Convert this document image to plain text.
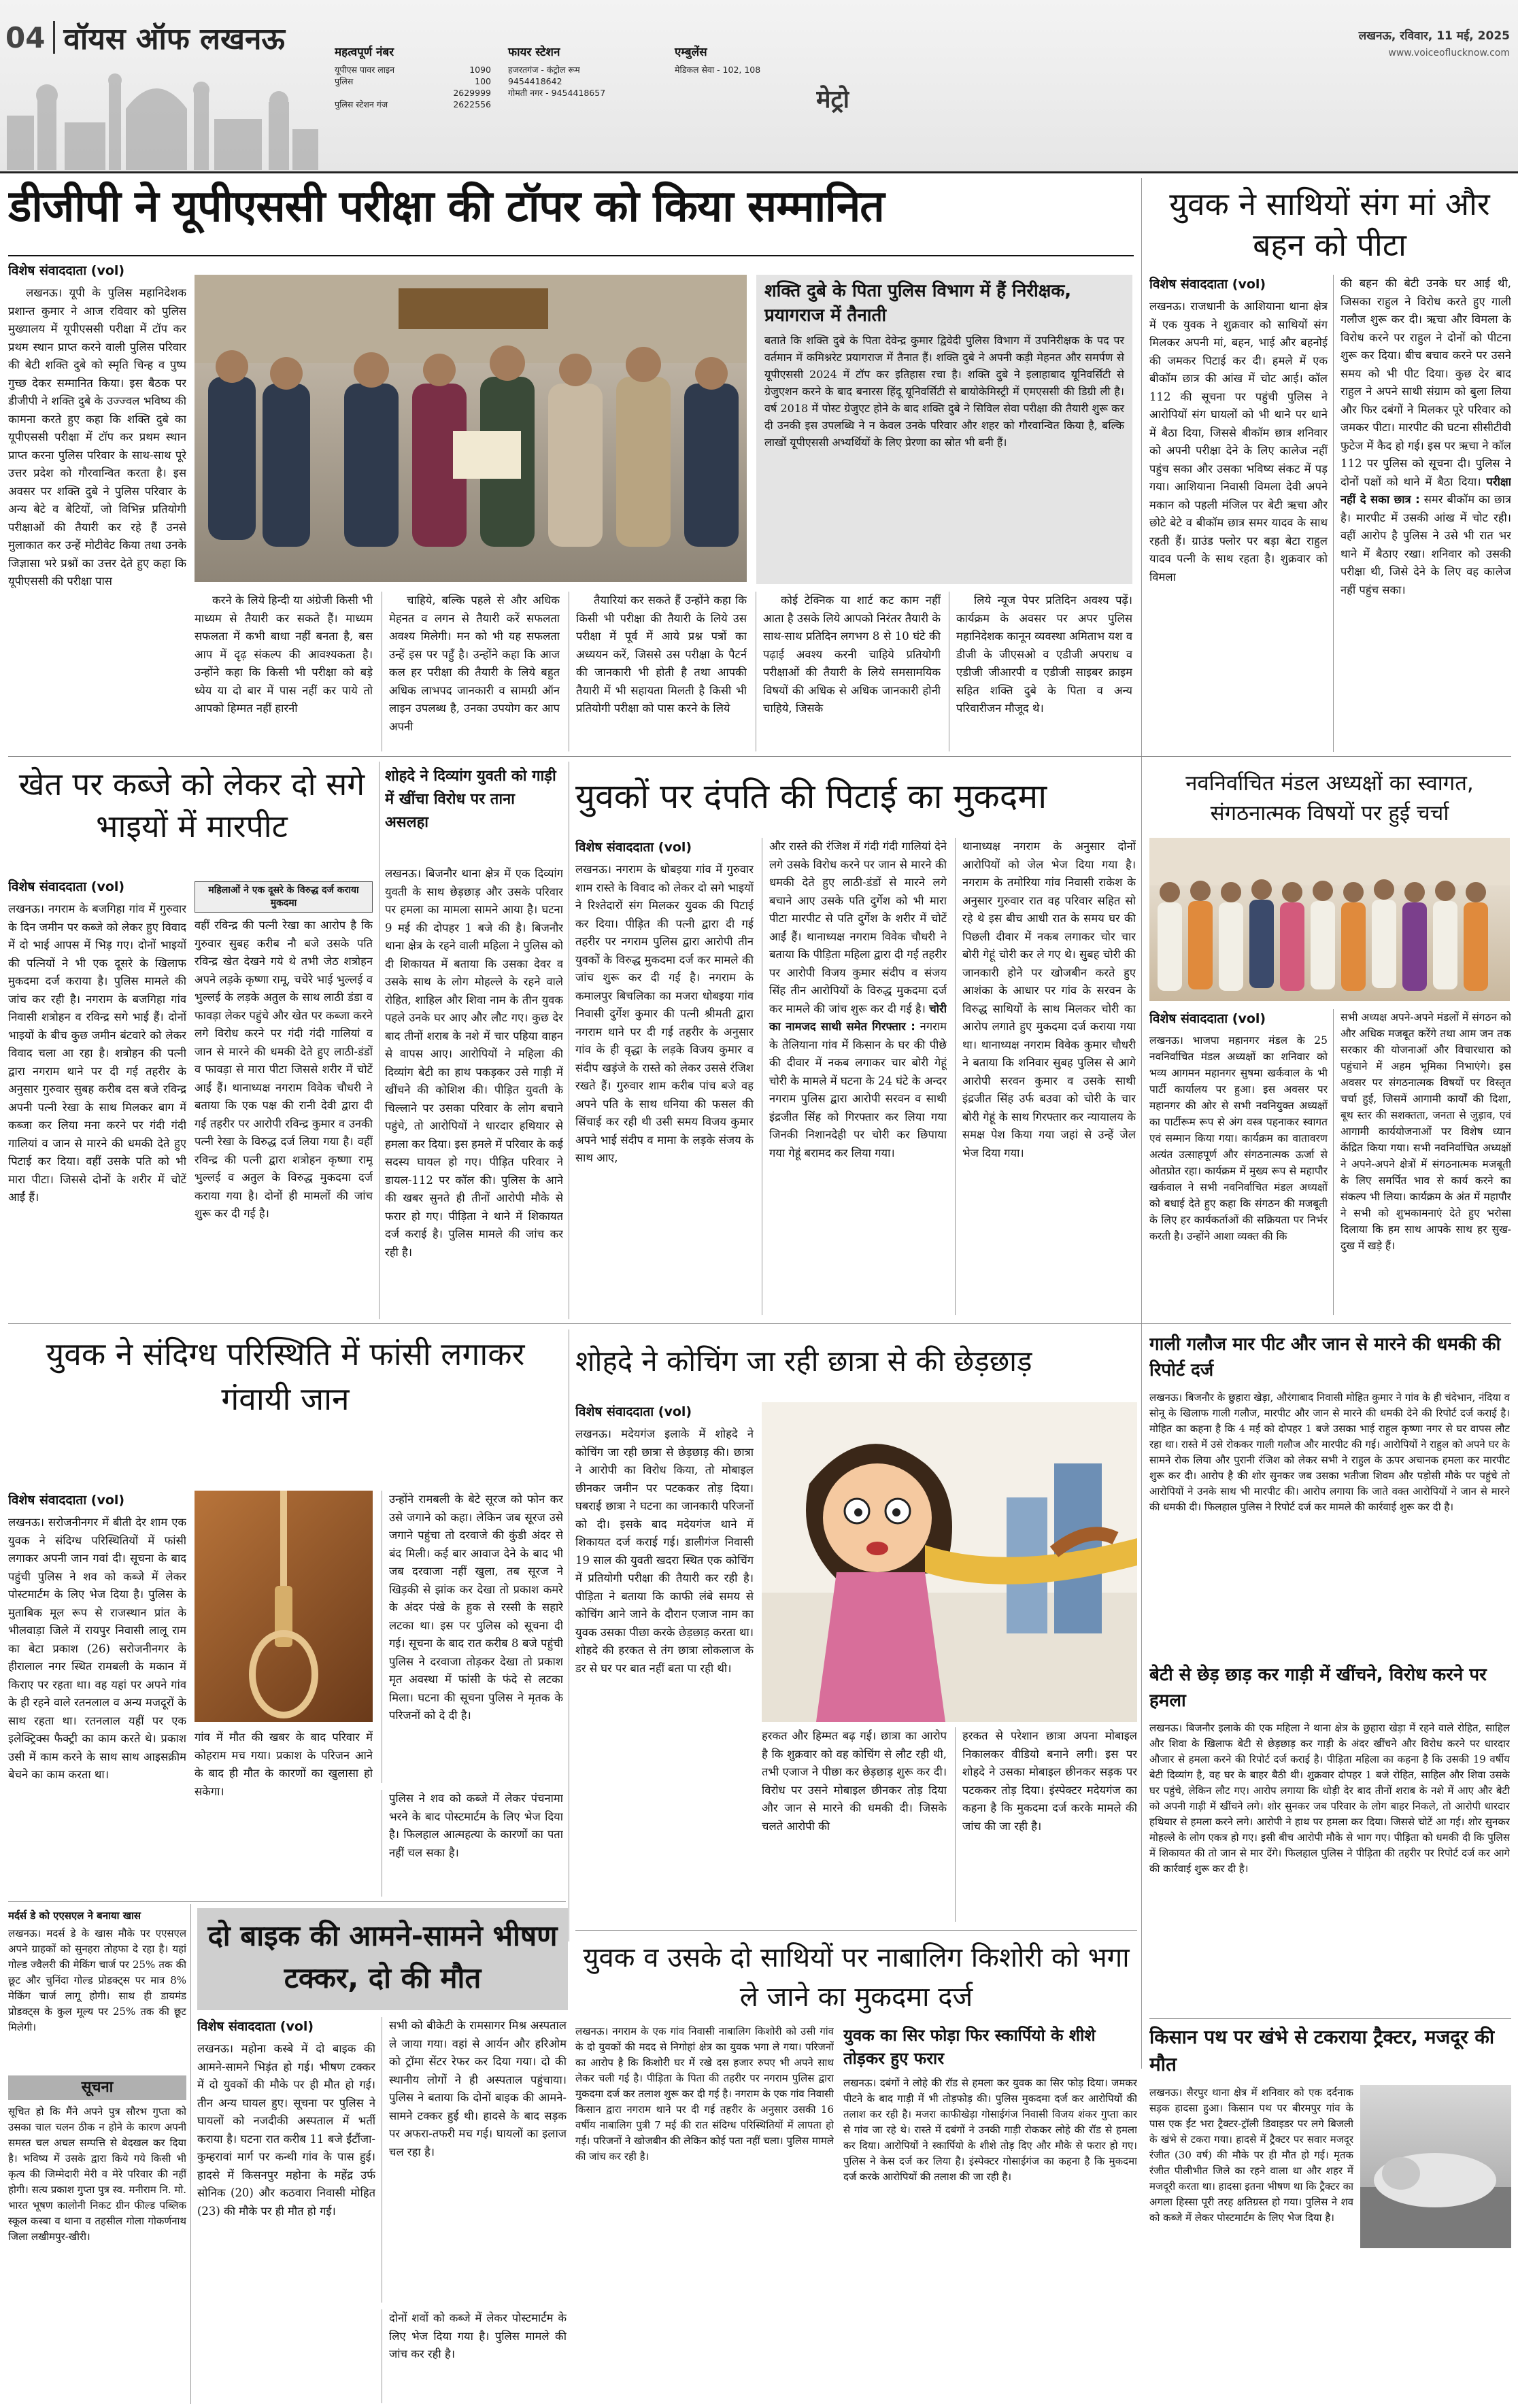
04 वॉयस ऑफ लखनऊ	महत्वपूर्ण नंबर
यूपीएस पावर लाइन	1090
पुलिस	100
2629999
पुलिस स्टेशन गंज	2622556
फायर स्टेशन
हजरतगंज - कंट्रोल रूम
9454418642
गोमती नगर - 9454418657
एम्बुलेंस
मेडिकल सेवा - 102, 108
मेट्रो
लखनऊ, रविवार, 11 मई, 2025
www.voiceoflucknow.com
डीजीपी ने यूपीएससी परीक्षा की टॉपर को किया सम्मानित
विशेष संवाददाता (vol)

लखनऊ। यूपी के पुलिस महानिदेशक प्रशान्त कुमार ने आज रविवार को पुलिस मुख्यालय में यूपीएससी परीक्षा में टॉप कर प्रथम स्थान प्राप्त करने वाली पुलिस परिवार की बेटी शक्ति दुबे को स्मृति चिन्ह व पुष्प गुच्छ देकर सम्मानित किया। इस बैठक पर डीजीपी ने शक्ति दुबे के उज्ज्वल भविष्य की कामना करते हुए कहा कि शक्ति दुबे का यूपीएससी परीक्षा में टॉप कर प्रथम स्थान प्राप्त करना पुलिस परिवार के साथ-साथ पूरे उत्तर प्रदेश को गौरवान्वित करता है। इस अवसर पर शक्ति दुबे ने पुलिस परिवार के अन्य बेटे व बेटियों, जो विभिन्न प्रतियोगी परीक्षाओं की तैयारी कर रहे हैं उनसे मुलाकात कर उन्हें मोटीवेट किया तथा उनके जिज्ञासा भरे प्रश्नों का उत्तर देते हुए कहा कि यूपीएससी की परीक्षा पास

शक्ति दुबे के पिता पुलिस विभाग में हैं निरीक्षक, प्रयागराज में तैनाती
बताते कि शक्ति दुबे के पिता देवेन्द्र कुमार द्विवेदी पुलिस विभाग में उपनिरीक्षक के पद पर वर्तमान में कमिश्नरेट प्रयागराज में तैनात हैं। शक्ति दुबे ने अपनी कड़ी मेहनत और समर्पण से यूपीएससी 2024 में टॉप कर इतिहास रचा है। शक्ति दुबे ने इलाहाबाद यूनिवर्सिटी से ग्रेजुएशन करने के बाद बनारस हिंदू यूनिवर्सिटी से बायोकेमिस्ट्री में एमएससी की डिग्री ली है। वर्ष 2018 में पोस्ट ग्रेजुएट होने के बाद शक्ति दुबे ने सिविल सेवा परीक्षा की तैयारी शुरू कर दी उनकी इस उपलब्धि ने न केवल उनके परिवार और शहर को गौरवान्वित किया है, बल्कि लाखों यूपीएससी अभ्यर्थियों के लिए प्रेरणा का स्रोत भी बनी हैं।

करने के लिये हिन्दी या अंग्रेजी किसी भी माध्यम से तैयारी कर सकते हैं। माध्यम सफलता में कभी बाधा नहीं बनता है, बस आप में दृढ़ संकल्प की आवश्यकता है। उन्होंने कहा कि किसी भी परीक्षा को बड़े ध्येय या दो बार में पास नहीं कर पाये तो आपको हिम्मत नहीं हारनी

चाहिये, बल्कि पहले से और अधिक मेहनत व लगन से तैयारी करें सफलता अवश्य मिलेगी। मन को भी यह सफलता उन्हें इस पर पहुँ है। उन्होंने कहा कि आज कल हर परीक्षा की तैयारी के लिये बहुत अधिक लाभपद जानकारी व सामग्री ऑन लाइन उपलब्ध है, उनका उपयोग कर आप अपनी

तैयारियां कर सकते हैं उन्होंने कहा कि किसी भी परीक्षा की तैयारी के लिये उस परीक्षा में पूर्व में आये प्रश्न पत्रों का अध्ययन करें, जिससे उस परीक्षा के पैटर्न की जानकारी भी होती है तथा आपकी तैयारी में भी सहायता मिलती है किसी भी प्रतियोगी परीक्षा को पास करने के लिये

कोई टेक्निक या शार्ट कट काम नहीं आता है उसके लिये आपको निरंतर तैयारी के साथ-साथ प्रतिदिन लगभग 8 से 10 घंटे की पढ़ाई अवश्य करनी चाहिये प्रतियोगी परीक्षाओं की तैयारी के लिये समसामयिक विषयों की अधिक से अधिक जानकारी होनी चाहिये, जिसके

लिये न्यूज पेपर प्रतिदिन अवश्य पढ़ें। कार्यक्रम के अवसर पर अपर पुलिस महानिदेशक कानून व्यवस्था अमिताभ यश व डीजी के जीएसओ व एडीजी अपराध व एडीजी जीआरपी व एडीजी साइबर क्राइम सहित शक्ति दुबे के पिता व अन्य परिवारीजन मौजूद थे।

युवक ने साथियों संग मां और बहन को पीटा
विशेष संवाददाता (vol)
लखनऊ। राजधानी के आशियाना थाना क्षेत्र में एक युवक ने शुक्रवार को साथियों संग मिलकर अपनी मां, बहन, भाई और बहनोई की जमकर पिटाई कर दी। हमले में एक बीकॉम छात्र की आंख में चोट आई। कॉल 112 की सूचना पर पहुंची पुलिस ने आरोपियों संग घायलों को भी थाने पर थाने में बैठा दिया, जिससे बीकॉम छात्र शनिवार को अपनी परीक्षा देने के लिए कालेज नहीं पहुंच सका और उसका भविष्य संकट में पड़ गया। आशियाना निवासी विमला देवी अपने मकान को पहली मंजिल पर बेटी ऋचा और छोटे बेटे व बीकॉम छात्र समर यादव के साथ रहती हैं। ग्राउंड फ्लोर पर बड़ा बेटा राहुल यादव पत्नी के साथ रहता है। शुक्रवार को विमला
की बहन की बेटी उनके घर आई थी, जिसका राहुल ने विरोध करते हुए गाली गलौज शुरू कर दी। ऋचा और विमला के विरोध करने पर राहुल ने दोनों को पीटना शुरू कर दिया। बीच बचाव करने पर उसने समय को भी पीट दिया। कुछ देर बाद राहुल ने अपने साथी संग्राम को बुला लिया और फिर दबंगों ने मिलकर पूरे परिवार को जमकर पीटा। मारपीट की घटना सीसीटीवी फुटेज में कैद हो गई। इस पर ऋचा ने कॉल 112 पर पुलिस को सूचना दी। पुलिस ने दोनों पक्षों को थाने में बैठा दिया। परीक्षा नहीं दे सका छात्र : समर बीकॉम का छात्र है। मारपीट में उसकी आंख में चोट रही। वहीं आरोप है पुलिस ने उसे भी रात भर थाने में बैठाए रखा। शनिवार को उसकी परीक्षा थी, जिसे देने के लिए वह कालेज नहीं पहुंच सका।
खेत पर कब्जे को लेकर दो सगे भाइयों में मारपीट
विशेष संवाददाता (vol)
लखनऊ। नगराम के बजगिहा गांव में गुरुवार के दिन जमीन पर कब्जे को लेकर हुए विवाद में दो भाई आपस में भिड़ गए। दोनों भाइयों की पत्नियों ने भी एक दूसरे के खिलाफ मुकदमा दर्ज कराया है। पुलिस मामले की जांच कर रही है। नगराम के बजगिहा गांव निवासी शत्रोहन व रविन्द्र सगे भाई हैं। दोनों भाइयों के बीच कुछ जमीन बंटवारे को लेकर विवाद चला आ रहा है। शत्रोहन की पत्नी द्वारा नगराम थाने पर दी गई तहरीर के अनुसार गुरुवार सुबह करीब दस बजे रविन्द्र अपनी पत्नी रेखा के साथ मिलकर बाग में कब्जा कर लिया मना करने पर गंदी गंदी गालियां व जान से मारने की धमकी देते हुए पिटाई कर दिया। वहीं उसके पति को भी मारा पीटा। जिससे दोनों के शरीर में चोटें आईं हैं।
महिलाओं ने एक दूसरे के विरुद्ध दर्ज कराया मुकदमा
वहीं रविन्द्र की पत्नी रेखा का आरोप है कि गुरुवार सुबह करीब नौ बजे उसके पति रविन्द्र खेत देखने गये थे तभी जेठ शत्रोहन अपने लड़के कृष्णा रामू, चचेरे भाई भुल्लई व भुल्लई के लड़के अतुल के साथ लाठी डंडा व फावड़ा लेकर पहुंचे और खेत पर कब्जा करने लगे विरोध करने पर गंदी गंदी गालियां व जान से मारने की धमकी देते हुए लाठी-डंडों व फावड़ा से मारा पीटा जिससे शरीर में चोटें आईं हैं। थानाध्यक्ष नगराम विवेक चौधरी ने बताया कि एक पक्ष की रानी देवी द्वारा दी गई तहरीर पर आरोपी रविन्द्र कुमार व उनकी पत्नी रेखा के विरुद्ध दर्ज लिया गया है। वहीं रविन्द्र की पत्नी द्वारा शत्रोहन कृष्णा रामू भुल्लई व अतुल के विरुद्ध मुकदमा दर्ज कराया गया है। दोनों ही मामलों की जांच शुरू कर दी गई है।
शोहदे ने दिव्यांग युवती को गाड़ी में खींचा विरोध पर ताना असलहा
लखनऊ। बिजनौर थाना क्षेत्र में एक दिव्यांग युवती के साथ छेड़छाड़ और उसके परिवार पर हमला का मामला सामने आया है। घटना 9 मई की दोपहर 1 बजे की है। बिजनौर थाना क्षेत्र के रहने वाली महिला ने पुलिस को दी शिकायत में बताया कि उसका देवर व उसके साथ के लोग मोहल्ले के रहने वाले रोहित, शाहिल और शिवा नाम के तीन युवक पहले उनके घर आए और लौट गए। कुछ देर बाद तीनों शराब के नशे में चार पहिया वाहन से वापस आए। आरोपियों ने महिला की दिव्यांग बेटी का हाथ पकड़कर उसे गाड़ी में खींचने की कोशिश की। पीड़ित युवती के चिल्लाने पर उसका परिवार के लोग बचाने पहुंचे, तो आरोपियों ने धारदार हथियार से हमला कर दिया। इस हमले में परिवार के कई सदस्य घायल हो गए। पीड़ित परिवार ने डायल-112 पर कॉल की। पुलिस के आने की खबर सुनते ही तीनों आरोपी मौके से फरार हो गए। पीड़िता ने थाने में शिकायत दर्ज कराई है। पुलिस मामले की जांच कर रही है।
युवकों पर दंपति की पिटाई का मुकदमा
विशेष संवाददाता (vol)
लखनऊ। नगराम के धोबइया गांव में गुरुवार शाम रास्ते के विवाद को लेकर दो सगे भाइयों ने रिश्तेदारों संग मिलकर युवक की पिटाई कर दिया। पीड़ित की पत्नी द्वारा दी गई तहरीर पर नगराम पुलिस द्वारा आरोपी तीन युवकों के विरुद्ध मुकदमा दर्ज कर मामले की जांच शुरू कर दी गई है। नगराम के कमालपुर बिचलिका का मजरा धोबइया गांव निवासी दुर्गेश कुमार की पत्नी श्रीमती द्वारा नगराम थाने पर दी गई तहरीर के अनुसार गांव के ही वृद्धा के लड़के विजय कुमार व संदीप खड़ंजे के रास्ते को लेकर उससे रंजिश रखते हैं। गुरुवार शाम करीब पांच बजे वह अपने पति के साथ धनिया की फसल की सिंचाई कर रही थी उसी समय विजय कुमार अपने भाई संदीप व मामा के लड़के संजय के साथ आए,
और रास्ते की रंजिश में गंदी गंदी गालियां देने लगे उसके विरोध करने पर जान से मारने की धमकी देते हुए लाठी-डंडों से मारने लगे बचाने आए उसके पति दुर्गेश को भी मारा पीटा मारपीट से पति दुर्गेश के शरीर में चोटें आईं हैं। थानाध्यक्ष नगराम विवेक चौधरी ने बताया कि पीड़िता महिला द्वारा दी गई तहरीर पर आरोपी विजय कुमार संदीप व संजय सिंह तीन आरोपियों के विरुद्ध मुकदमा दर्ज कर मामले की जांच शुरू कर दी गई है। चोरी का नामजद साथी समेत गिरफ्तार : नगराम के तेलियाना गांव में किसान के घर की पीछे की दीवार में नकब लगाकर चार बोरी गेहूं चोरी के मामले में घटना के 24 घंटे के अन्दर नगराम पुलिस द्वारा आरोपी सरवन व साथी इंद्रजीत सिंह को गिरफ्तार कर लिया गया जिनकी निशानदेही पर चोरी कर छिपाया गया गेहूं बरामद कर लिया गया।
थानाध्यक्ष नगराम के अनुसार दोनों आरोपियों को जेल भेज दिया गया है। नगराम के तमोरिया गांव निवासी राकेश के अनुसार गुरुवार रात वह परिवार सहित सो रहे थे इस बीच आधी रात के समय घर की पिछली दीवार में नकब लगाकर चोर चार बोरी गेहूं चोरी कर ले गए थे। सुबह चोरी की जानकारी होने पर खोजबीन करते हुए आशंका के आधार पर गांव के सरवन के विरुद्ध साथियों के साथ मिलकर चोरी का आरोप लगाते हुए मुकदमा दर्ज कराया गया था। थानाध्यक्ष नगराम विवेक कुमार चौधरी ने बताया कि शनिवार सुबह पुलिस से आगे आरोपी सरवन कुमार व उसके साथी इंद्रजीत सिंह उर्फ बउवा को चोरी के चार बोरी गेहूं के साथ गिरफ्तार कर न्यायालय के समक्ष पेश किया गया जहां से उन्हें जेल भेज दिया गया।
नवनिर्वाचित मंडल अध्यक्षों का स्वागत, संगठनात्मक विषयों पर हुई चर्चा
विशेष संवाददाता (vol)
लखनऊ। भाजपा महानगर मंडल के 25 नवनिर्वाचित मंडल अध्यक्षों का शनिवार को भव्य आगमन महानगर सुषमा खर्कवाल के भी पार्टी कार्यालय पर हुआ। इस अवसर पर महानगर की ओर से सभी नवनियुक्त अध्यक्षों का पार्टीरूम रूप से अंग वस्त्र पहनाकर स्वागत एवं सम्मान किया गया। कार्यक्रम का वातावरण अत्यंत उत्साहपूर्ण और संगठनात्मक ऊर्जा से ओतप्रोत रहा। कार्यक्रम में मुख्य रूप से महापौर खर्कवाल ने सभी नवनिर्वाचित मंडल अध्यक्षों को बधाई देते हुए कहा कि संगठन की मजबूती के लिए हर कार्यकर्ताओं की सक्रियता पर निर्भर करती है। उन्होंने आशा व्यक्त की कि
सभी अध्यक्ष अपने-अपने मंडलों में संगठन को और अधिक मजबूत करेंगे तथा आम जन तक सरकार की योजनाओं और विचारधारा को पहुंचाने में अहम भूमिका निभाएंगे। इस अवसर पर संगठनात्मक विषयों पर विस्तृत चर्चा हुई, जिसमें आगामी कार्यों की दिशा, बूथ स्तर की सशक्तता, जनता से जुड़ाव, एवं आगामी कार्ययोजनाओं पर विशेष ध्यान केंद्रित किया गया। सभी नवनिर्वाचित अध्यक्षों ने अपने-अपने क्षेत्रों में संगठनात्मक मजबूती के लिए समर्पित भाव से कार्य करने का संकल्प भी लिया। कार्यक्रम के अंत में महापौर ने सभी को शुभकामनाएं देते हुए भरोसा दिलाया कि हम साथ आपके साथ हर सुख-दुख में खड़े हैं।
युवक ने संदिग्ध परिस्थिति में फांसी लगाकर गंवायी जान
विशेष संवाददाता (vol)
लखनऊ। सरोजनीनगर में बीती देर शाम एक युवक ने संदिग्ध परिस्थितियों में फांसी लगाकर अपनी जान गवां दी। सूचना के बाद पहुंची पुलिस ने शव को कब्जे में लेकर पोस्टमार्टम के लिए भेज दिया है। पुलिस के मुताबिक मूल रूप से राजस्थान प्रांत के भीलवाड़ा जिले में रायपुर निवासी लालू राम का बेटा प्रकाश (26) सरोजनीनगर के हीरालाल नगर स्थित रामबली के मकान में किराए पर रहता था। वह यहां पर अपने गांव के ही रहने वाले रतनलाल व अन्य मजदूरों के साथ रहता था। रतनलाल यहीं पर एक इलेक्ट्रिक्स फैक्ट्री का काम करते थे। प्रकाश उसी में काम करने के साथ साथ आइसक्रीम बेचने का काम करता था।
गांव में मौत की खबर के बाद परिवार में कोहराम मच गया। प्रकाश के परिजन आने के बाद ही मौत के कारणों का खुलासा हो सकेगा।
उन्होंने रामबली के बेटे सूरज को फोन कर उसे जगाने को कहा। लेकिन जब सूरज उसे जगाने पहुंचा तो दरवाजे की कुंडी अंदर से बंद मिली। कई बार आवाज देने के बाद भी जब दरवाजा नहीं खुला, तब सूरज ने खिड़की से झांक कर देखा तो प्रकाश कमरे के अंदर पंखे के हुक से रस्सी के सहारे लटका था। इस पर पुलिस को सूचना दी गई। सूचना के बाद रात करीब 8 बजे पहुंची पुलिस ने दरवाजा तोड़कर देखा तो प्रकाश मृत अवस्था में फांसी के फंदे से लटका मिला। घटना की सूचना पुलिस ने मृतक के परिजनों को दे दी है।
पुलिस ने शव को कब्जे में लेकर पंचनामा भरने के बाद पोस्टमार्टम के लिए भेज दिया है। फिलहाल आत्महत्या के कारणों का पता नहीं चल सका है।
शोहदे ने कोचिंग जा रही छात्रा से की छेड़छाड़
विशेष संवाददाता (vol)
लखनऊ। मदेयगंज इलाके में शोहदे ने कोचिंग जा रही छात्रा से छेड़छाड़ की। छात्रा ने आरोपी का विरोध किया, तो मोबाइल छीनकर जमीन पर पटककर तोड़ दिया। घबराई छात्रा ने घटना का जानकारी परिजनों को दी। इसके बाद मदेयगंज थाने में शिकायत दर्ज कराई गई। डालीगंज निवासी 19 साल की युवती खदरा स्थित एक कोचिंग में प्रतियोगी परीक्षा की तैयारी कर रही है। पीड़िता ने बताया कि काफी लंबे समय से कोचिंग आने जाने के दौरान एजाज नाम का युवक उसका पीछा करके छेड़छाड़ करता था। शोहदे की हरकत से तंग छात्रा लोकलाज के डर से घर पर बात नहीं बता पा रही थी।
हरकत और हिम्मत बढ़ गई। छात्रा का आरोप है कि शुक्रवार को वह कोचिंग से लौट रही थी, तभी एजाज ने पीछा कर छेड़छाड़ शुरू कर दी। विरोध पर उसने मोबाइल छीनकर तोड़ दिया और जान से मारने की धमकी दी। जिसके चलते आरोपी की
हरकत से परेशान छात्रा अपना मोबाइल निकालकर वीडियो बनाने लगी। इस पर शोहदे ने उसका मोबाइल छीनकर सड़क पर पटककर तोड़ दिया। इंस्पेक्टर मदेयगंज का कहना है कि मुकदमा दर्ज करके मामले की जांच की जा रही है।
गाली गलौज मार पीट और जान से मारने की धमकी की रिपोर्ट दर्ज
लखनऊ। बिजनौर के छुहारा खेड़ा, औरंगाबाद निवासी मोहित कुमार ने गांव के ही चंदेभान, नंदिया व सोनू के खिलाफ गाली गलौज, मारपीट और जान से मारने की धमकी देने की रिपोर्ट दर्ज कराई है। मोहित का कहना है कि 4 मई को दोपहर 1 बजे उसका भाई राहुल कृष्णा नगर से घर वापस लौट रहा था। रास्ते में उसे रोककर गाली गलौज और मारपीट की गई। आरोपियों ने राहुल को अपने घर के सामने रोक लिया और पुरानी रंजिश को लेकर सभी ने राहुल के ऊपर अचानक हमला कर मारपीट शुरू कर दी। आरोप है की शोर सुनकर जब उसका भतीजा शिवम और पड़ोसी मौके पर पहुंचे तो आरोपियों ने उनके साथ भी मारपीट की। आरोप लगाया कि जाते वक्त आरोपियों ने जान से मारने की धमकी दी। फिलहाल पुलिस ने रिपोर्ट दर्ज कर मामले की कार्रवाई शुरू कर दी है।
बेटी से छेड़ छाड़ कर गाड़ी में खींचने, विरोध करने पर हमला
लखनऊ। बिजनौर इलाके की एक महिला ने थाना क्षेत्र के छुहारा खेड़ा में रहने वाले रोहित, साहिल और शिवा के खिलाफ बेटी से छेड़छाड़ कर गाड़ी के अंदर खींचने और विरोध करने पर धारदार औजार से हमला करने की रिपोर्ट दर्ज कराई है। पीड़िता महिला का कहना है कि उसकी 19 वर्षीय बेटी दिव्यांग है, वह घर के बाहर बैठी थी। शुक्रवार दोपहर 1 बजे रोहित, साहिल और शिवा उसके घर पहुंचे, लेकिन लौट गए। आरोप लगाया कि थोड़ी देर बाद तीनों शराब के नशे में आए और बेटी को अपनी गाड़ी में खींचने लगे। शोर सुनकर जब परिवार के लोग बाहर निकले, तो आरोपी धारदार हथियार से हमला करने लगे। आरोपी ने हाथ पर हमला कर दिया। जिससे चोटें आ गई। शोर सुनकर मोहल्ले के लोग एकत्र हो गए। इसी बीच आरोपी मौके से भाग गए। पीड़िता को धमकी दी कि पुलिस में शिकायत की तो जान से मार देंगे। फिलहाल पुलिस ने पीड़िता की तहरीर पर रिपोर्ट दर्ज कर आगे की कार्रवाई शुरू कर दी है।
मर्दर्स डे को एएसएल ने बनाया खास
लखनऊ। मदर्स डे के खास मौके पर एएसएल अपने ग्राहकों को सुनहरा तोहफा दे रहा है। यहां गोल्ड ज्वैलरी की मेकिंग चार्ज पर 25% तक की छूट और चुनिंदा गोल्ड प्रोडक्ट्स पर मात्र 8% मेकिंग चार्ज लागू होगी। साथ ही डायमंड प्रोडक्ट्स के कुल मूल्य पर 25% तक की छूट मिलेगी।
सूचना
सूचित हो कि मैंने अपने पुत्र सौरभ गुप्ता को उसका चाल चलन ठीक न होने के कारण अपनी समस्त चल अचल सम्पत्ति से बेदखल कर दिया है। भविष्य में उसके द्वारा किये गये किसी भी कृत्य की जिम्मेदारी मेरी व मेरे परिवार की नहीं होगी। सत्य प्रकाश गुप्ता पुत्र स्व. मनीराम नि. मो. भारत भूषण कालोनी निकट ग्रीन फील्ड पब्लिक स्कूल कस्बा व थाना व तहसील गोला गोकर्णनाथ जिला लखीमपुर-खीरी।
दो बाइक की आमने-सामने भीषण टक्कर, दो की मौत
विशेष संवाददाता (vol)
लखनऊ। महोना कस्बे में दो बाइक की आमने-सामने भिड़ंत हो गई। भीषण टक्कर में दो युवकों की मौके पर ही मौत हो गई। तीन अन्य घायल हुए। सूचना पर पुलिस ने घायलों को नजदीकी अस्पताल में भर्ती कराया है। घटना रात करीब 11 बजे ईंटौंजा-कुम्हरावां मार्ग पर कन्थी गांव के पास हुई। हादसे में किसनपुर महोना के महेंद्र उर्फ सोनिक (20) और कठवारा निवासी मोहित (23) की मौके पर ही मौत हो गई।
सभी को बीकेटी के रामसागर मिश्र अस्पताल ले जाया गया। वहां से आर्यन और हरिओम को ट्रॉमा सेंटर रेफर कर दिया गया। दो की स्थानीय लोगों ने ही अस्पताल पहुंचाया। पुलिस ने बताया कि दोनों बाइक की आमने-सामने टक्कर हुई थी। हादसे के बाद सड़क पर अफरा-तफरी मच गई। घायलों का इलाज चल रहा है।
दोनों शवों को कब्जे में लेकर पोस्टमार्टम के लिए भेज दिया गया है। पुलिस मामले की जांच कर रही है।
युवक व उसके दो साथियों पर नाबालिग किशोरी को भगा ले जाने का मुकदमा दर्ज
लखनऊ। नगराम के एक गांव निवासी नाबालिग किशोरी को उसी गांव के दो युवकों की मदद से निगोहां क्षेत्र का युवक भगा ले गया। परिजनों का आरोप है कि किशोरी घर में रखे दस हजार रुपए भी अपने साथ लेकर चली गई है। पीड़िता के पिता की तहरीर पर नगराम पुलिस द्वारा मुकदमा दर्ज कर तलाश शुरू कर दी गई है। नगराम के एक गांव निवासी किसान द्वारा नगराम थाने पर दी गई तहरीर के अनुसार उसकी 16 वर्षीय नाबालिग पुत्री 7 मई की रात संदिग्ध परिस्थितियों में लापता हो गई। परिजनों ने खोजबीन की लेकिन कोई पता नहीं चला। पुलिस मामले की जांच कर रही है।
युवक का सिर फोड़ा फिर स्कार्पियो के शीशे तोड़कर हुए फरार
लखनऊ। दबंगों ने लोहे की रॉड से हमला कर युवक का सिर फोड़ दिया। जमकर पीटने के बाद गाड़ी में भी तोड़फोड़ की। पुलिस मुकदमा दर्ज कर आरोपियों की तलाश कर रही है। मजरा काफीखेड़ा गोसाईगंज निवासी विजय शंकर गुप्ता कार से गांव जा रहे थे। रास्ते में दबंगों ने उनकी गाड़ी रोककर लोहे की रॉड से हमला कर दिया। आरोपियों ने स्कार्पियो के शीशे तोड़ दिए और मौके से फरार हो गए। पुलिस ने केस दर्ज कर लिया है। इंस्पेक्टर गोसाईगंज का कहना है कि मुकदमा दर्ज करके आरोपियों की तलाश की जा रही है।
किसान पथ पर खंभे से टकराया ट्रैक्टर, मजदूर की मौत
लखनऊ। सैरपुर थाना क्षेत्र में शनिवार को एक दर्दनाक सड़क हादसा हुआ। किसान पथ पर बीरमपुर गांव के पास एक ईंट भरा ट्रैक्टर-ट्रॉली डिवाइडर पर लगे बिजली के खंभे से टकरा गया। हादसे में ट्रैक्टर पर सवार मजदूर रंजीत (30 वर्ष) की मौके पर ही मौत हो गई। मृतक रंजीत पीलीभीत जिले का रहने वाला था और शहर में मजदूरी करता था। हादसा इतना भीषण था कि ट्रैक्टर का अगला हिस्सा पूरी तरह क्षतिग्रस्त हो गया। पुलिस ने शव को कब्जे में लेकर पोस्टमार्टम के लिए भेज दिया है।
